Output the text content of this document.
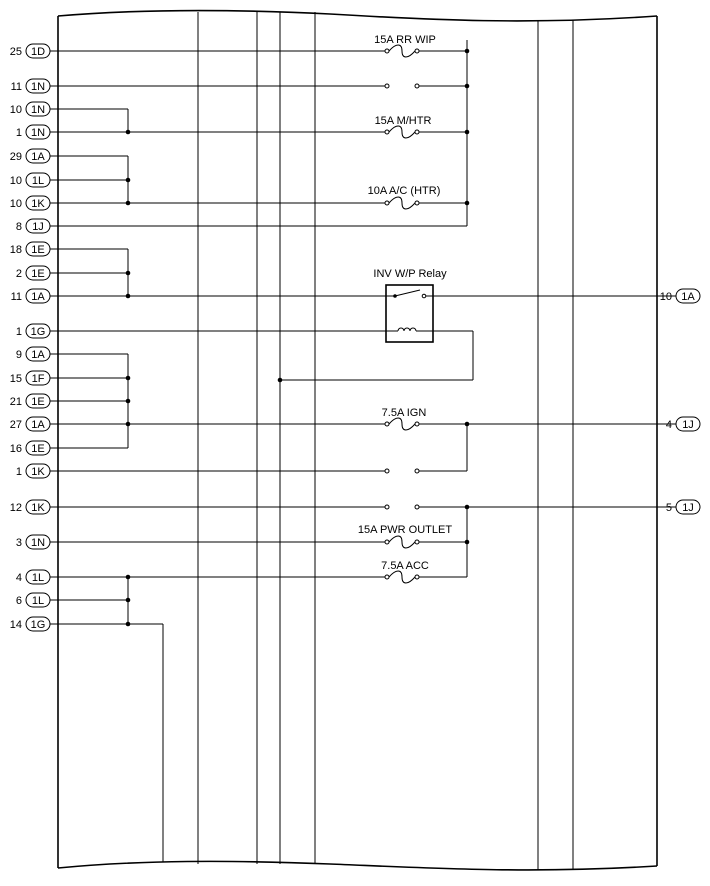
25 1D
11 1N
10 1N
1 1N
29 1A
10 1L
10 1K
8 1J
18 1E
2 1E
11 1A
1 1G
9 1A
15 1F
21 1E
27 1A
16 1E
1 1K
12 1K
3 1N
4 1L
6 1L
14 1G
10 1A
4 1J
5 1J
15A RR WIP
15A M/HTR
10A A/C (HTR)
INV W/P Relay
7.5A IGN
15A PWR OUTLET
7.5A ACC
